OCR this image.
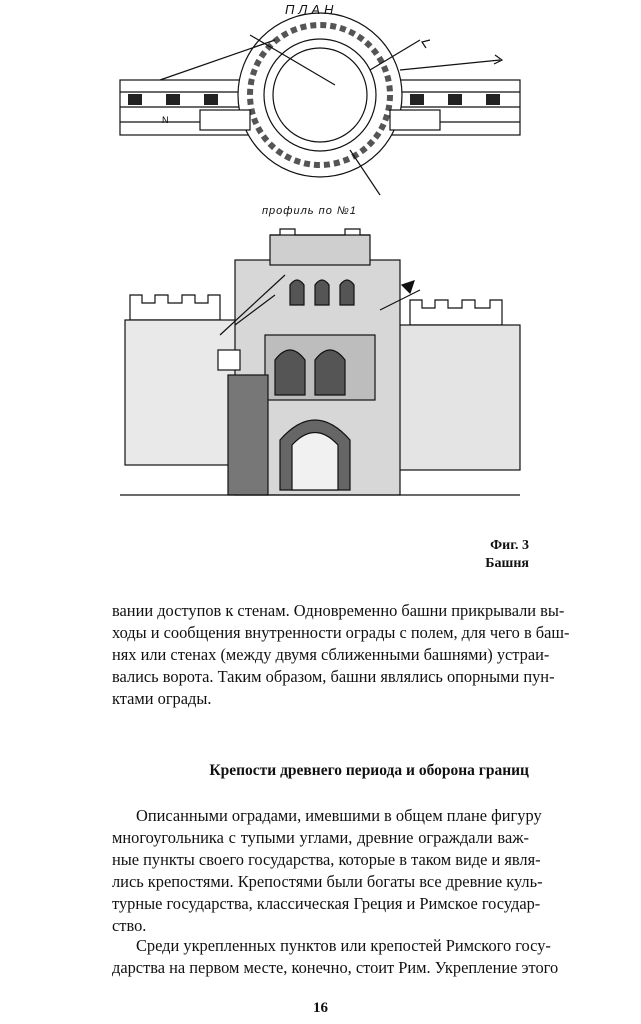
N
ПЛАН
профиль по №1
Фиг. 3
Башня

вании доступов к стенам. Одновременно башни прикрывали вы-
ходы и сообщения внутренности ограды с полем, для чего в баш-
нях или стенах (между двумя сближенными башнями) устраи-
вались ворота. Таким образом, башни являлись опорными пун-
ктами ограды.

Крепости древнего периода и оборона границ

Описанными оградами, имевшими в общем плане фигуру
многоугольника с тупыми углами, древние ограждали важ-
ные пункты своего государства, которые в таком виде и явля-
лись крепостями. Крепостями были богаты все древние куль-
турные государства, классическая Греция и Римское государ-
ство.

Среди укрепленных пунктов или крепостей Римского госу-
дарства на первом месте, конечно, стоит Рим. Укрепление этого

16
